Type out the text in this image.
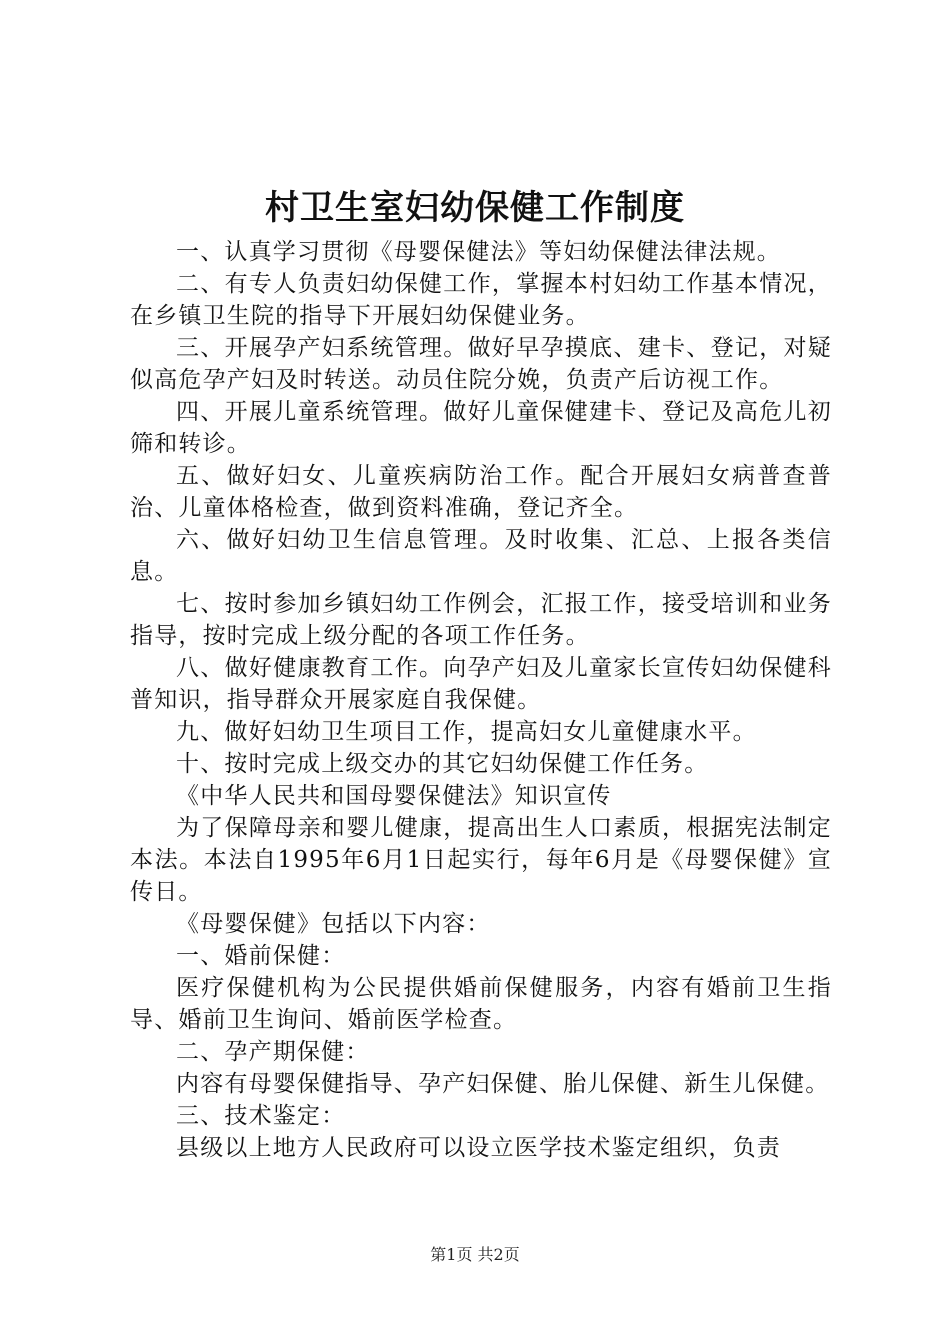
村卫生室妇幼保健工作制度

一、认真学习贯彻《母婴保健法》等妇幼保健法律法规。

二、有专人负责妇幼保健工作，掌握本村妇幼工作基本情况，在乡镇卫生院的指导下开展妇幼保健业务。

三、开展孕产妇系统管理。做好早孕摸底、建卡、登记，对疑似高危孕产妇及时转送。动员住院分娩，负责产后访视工作。

四、开展儿童系统管理。做好儿童保健建卡、登记及高危儿初筛和转诊。

五、做好妇女、儿童疾病防治工作。配合开展妇女病普查普治、儿童体格检查，做到资料准确，登记齐全。

六、做好妇幼卫生信息管理。及时收集、汇总、上报各类信息。

七、按时参加乡镇妇幼工作例会，汇报工作，接受培训和业务指导，按时完成上级分配的各项工作任务。

八、做好健康教育工作。向孕产妇及儿童家长宣传妇幼保健科普知识，指导群众开展家庭自我保健。

九、做好妇幼卫生项目工作，提高妇女儿童健康水平。

十、按时完成上级交办的其它妇幼保健工作任务。

《中华人民共和国母婴保健法》知识宣传

为了保障母亲和婴儿健康，提高出生人口素质，根据宪法制定本法。本法自1995年6月1日起实行，每年6月是《母婴保健》宣传日。

《母婴保健》包括以下内容：

一、婚前保健：

医疗保健机构为公民提供婚前保健服务，内容有婚前卫生指导、婚前卫生询问、婚前医学检查。

二、孕产期保健：

内容有母婴保健指导、孕产妇保健、胎儿保健、新生儿保健。

三、技术鉴定：

县级以上地方人民政府可以设立医学技术鉴定组织，负责

第1页 共2页
